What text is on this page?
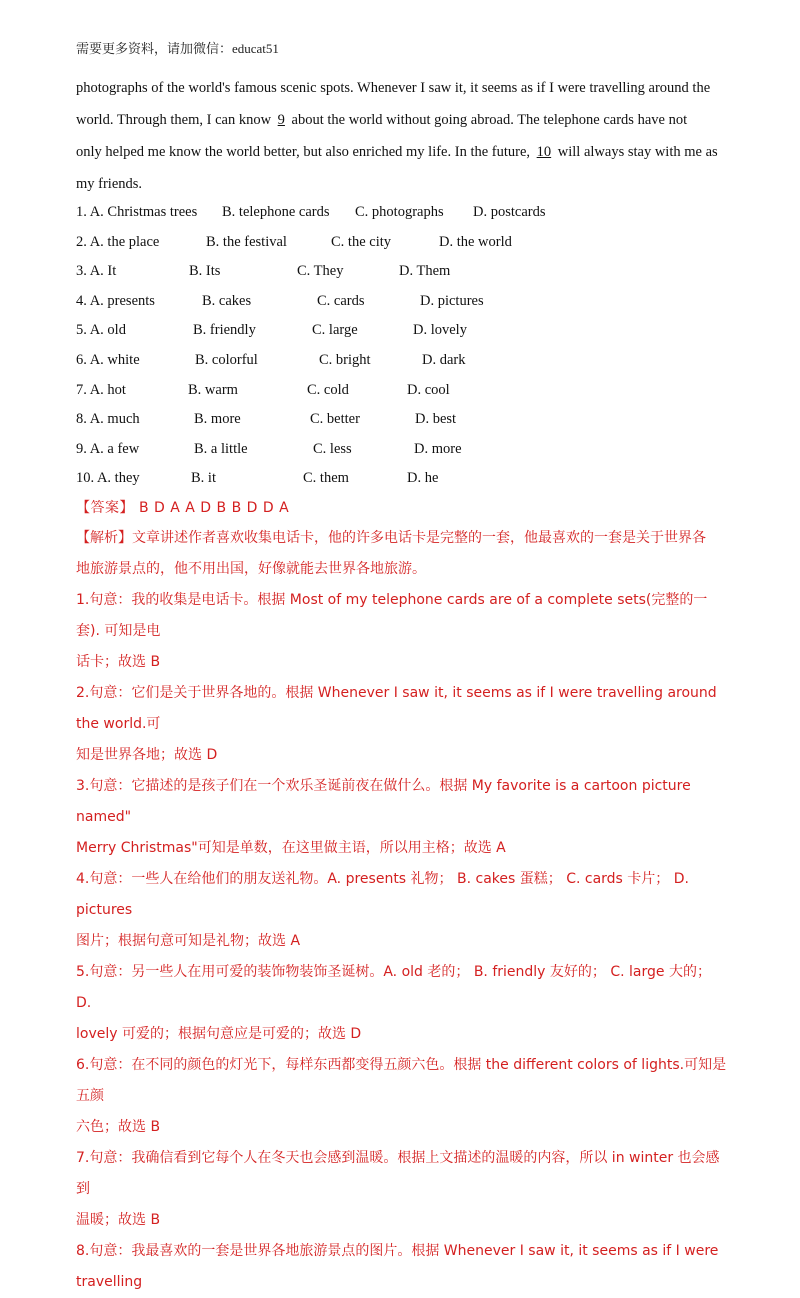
需要更多资料，请加微信：educat51

photographs of the world's famous scenic spots. Whenever I saw it, it seems as if I were travelling around the

world. Through them, I can know 9 about the world without going abroad. The telephone cards have not

only helped me know the world better, but also enriched my life. In the future, 10 will always stay with me as

my friends.

1. A. Christmas trees B. telephone cards C. photographs D. postcards
2. A. the place	B. the festival	C. the city	D. the world
3. A. It	B. Its	C. They	D. Them
4. A. presents	B. cakes	C. cards	D. pictures
5. A. old	B. friendly	C. large	D. lovely
6. A. white	B. colorful	C. bright	D. dark
7. A. hot	B. warm	C. cold	D. cool
8. A. much	B. more	C. better	D. best
9. A. a few	B. a little	C. less	D. more
10. A. they	B. it	C. them	D. he
【答案】 B D A A D B B D D A

【解析】文章讲述作者喜欢收集电话卡，他的许多电话卡是完整的一套，他最喜欢的一套是关于世界各

地旅游景点的，他不用出国，好像就能去世界各地旅游。

1.句意：我的收集是电话卡。根据 Most of my telephone cards are of a complete sets(完整的一套). 可知是电

话卡；故选 B

2.句意：它们是关于世界各地的。根据 Whenever I saw it, it seems as if I were travelling around the world.可

知是世界各地；故选 D

3.句意：它描述的是孩子们在一个欢乐圣诞前夜在做什么。根据 My favorite is a cartoon picture named"

Merry Christmas"可知是单数，在这里做主语，所以用主格；故选 A

4.句意：一些人在给他们的朋友送礼物。A. presents 礼物； B. cakes 蛋糕； C. cards 卡片； D. pictures

图片；根据句意可知是礼物；故选 A

5.句意：另一些人在用可爱的装饰物装饰圣诞树。A. old 老的； B. friendly 友好的； C. large 大的； D.

lovely 可爱的；根据句意应是可爱的；故选 D

6.句意：在不同的颜色的灯光下，每样东西都变得五颜六色。根据 the different colors of lights.可知是五颜

六色；故选 B

7.句意：我确信看到它每个人在冬天也会感到温暖。根据上文描述的温暖的内容，所以 in winter 也会感到

温暖；故选 B

8.句意：我最喜欢的一套是世界各地旅游景点的图片。根据 Whenever I saw it, it seems as if I were travelling
